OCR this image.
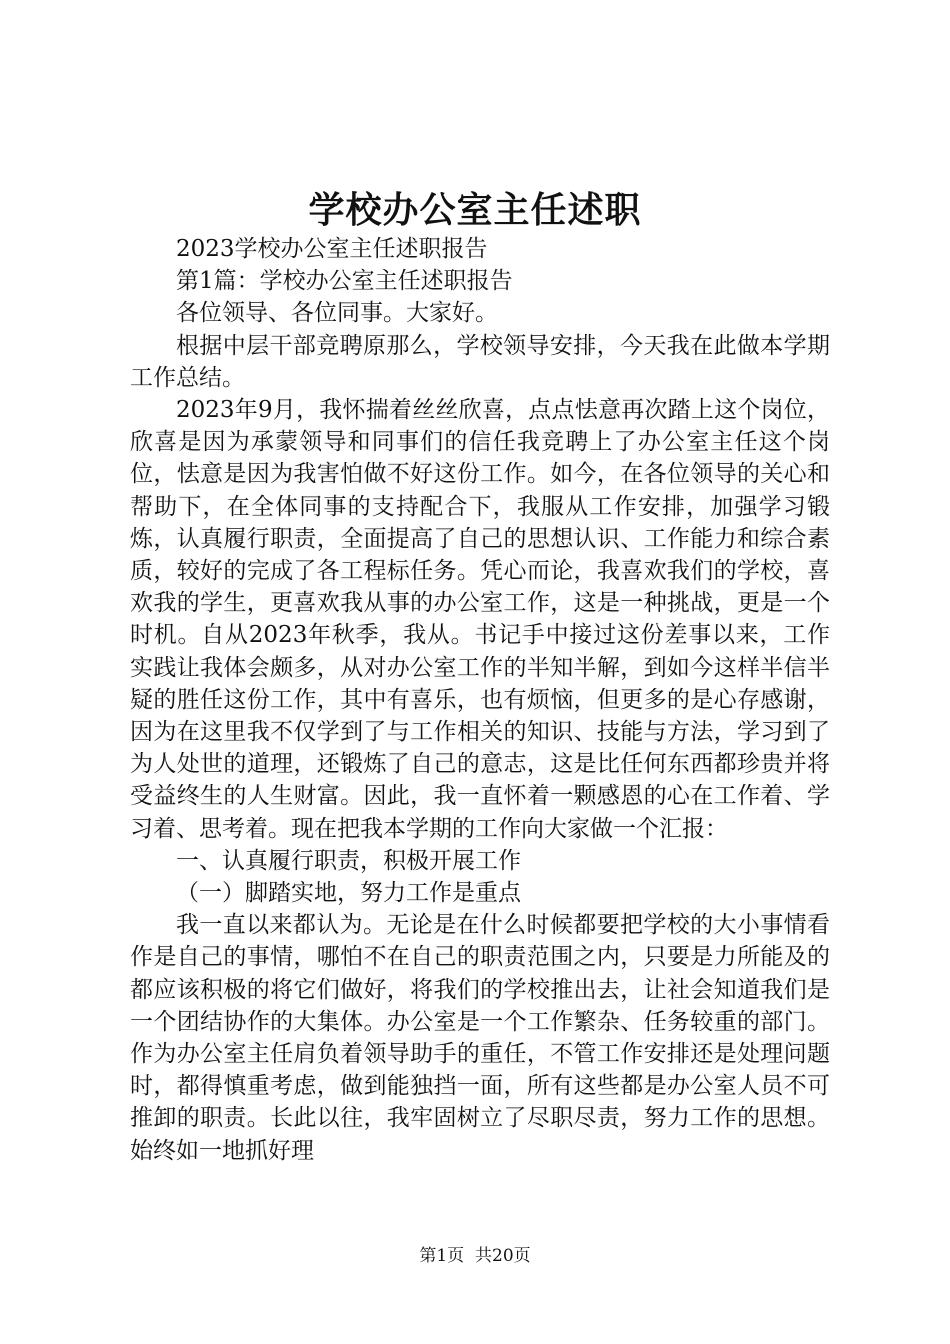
学校办公室主任述职

2023学校办公室主任述职报告

第1篇：学校办公室主任述职报告

各位领导、各位同事。大家好。

根据中层干部竞聘原那么，学校领导安排，今天我在此做本学期工作总结。

2023年9月，我怀揣着丝丝欣喜，点点怯意再次踏上这个岗位，欣喜是因为承蒙领导和同事们的信任我竞聘上了办公室主任这个岗位，怯意是因为我害怕做不好这份工作。如今，在各位领导的关心和帮助下，在全体同事的支持配合下，我服从工作安排，加强学习锻炼，认真履行职责，全面提高了自己的思想认识、工作能力和综合素质，较好的完成了各工程标任务。凭心而论，我喜欢我们的学校，喜欢我的学生，更喜欢我从事的办公室工作，这是一种挑战，更是一个时机。自从2023年秋季，我从。书记手中接过这份差事以来，工作实践让我体会颇多，从对办公室工作的半知半解，到如今这样半信半疑的胜任这份工作，其中有喜乐，也有烦恼，但更多的是心存感谢，因为在这里我不仅学到了与工作相关的知识、技能与方法，学习到了为人处世的道理，还锻炼了自己的意志，这是比任何东西都珍贵并将受益终生的人生财富。因此，我一直怀着一颗感恩的心在工作着、学习着、思考着。现在把我本学期的工作向大家做一个汇报：

一、认真履行职责，积极开展工作

（一）脚踏实地，努力工作是重点

我一直以来都认为。无论是在什么时候都要把学校的大小事情看作是自己的事情，哪怕不在自己的职责范围之内，只要是力所能及的都应该积极的将它们做好，将我们的学校推出去，让社会知道我们是一个团结协作的大集体。办公室是一个工作繁杂、任务较重的部门。作为办公室主任肩负着领导助手的重任，不管工作安排还是处理问题时，都得慎重考虑，做到能独挡一面，所有这些都是办公室人员不可推卸的职责。长此以往，我牢固树立了尽职尽责，努力工作的思想。始终如一地抓好理

第1页 共20页
